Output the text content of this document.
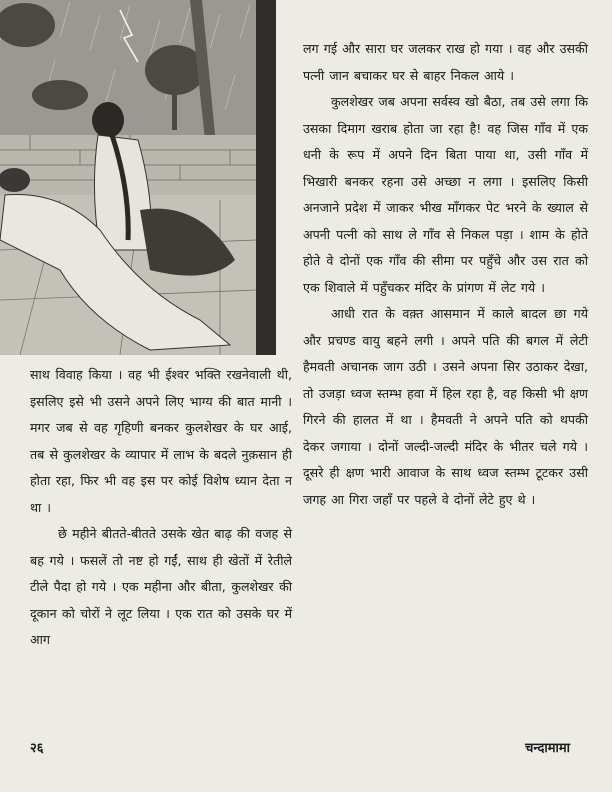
साथ विवाह किया । वह भी ईश्वर भक्ति रखनेवाली थी, इसलिए इसे भी उसने अपने लिए भाग्य की बात मानी । मगर जब से वह गृहिणी बनकर कुलशेखर के घर आई, तब से कुलशेखर के व्यापार में लाभ के बदले नुक़सान ही होता रहा, फिर भी वह इस पर कोई विशेष ध्यान देता न था ।

छे महीने बीतते-बीतते उसके खेत बाढ़ की वजह से बह गये । फसलें तो नष्ट हो गईं, साथ ही खेतों में रेतीले टीले पैदा हो गये । एक महीना और बीता, कुलशेखर की दूकान को चोरों ने लूट लिया । एक रात को उसके घर में आग

लग गई और सारा घर जलकर राख हो गया । वह और उसकी पत्नी जान बचाकर घर से बाहर निकल आये ।

कुलशेखर जब अपना सर्वस्व खो बैठा, तब उसे लगा कि उसका दिमाग खराब होता जा रहा है! वह जिस गाँव में एक धनी के रूप में अपने दिन बिता पाया था, उसी गाँव में भिखारी बनकर रहना उसे अच्छा न लगा । इसलिए किसी अनजाने प्रदेश में जाकर भीख माँगकर पेट भरने के ख्याल से अपनी पत्नी को साथ ले गाँव से निकल पड़ा । शाम के होते होते वे दोनों एक गाँव की सीमा पर पहुँचे और उस रात को एक शिवाले में पहुँचकर मंदिर के प्रांगण में लेट गये ।

आधी रात के वक़्त आसमान में काले बादल छा गये और प्रचण्ड वायु बहने लगी । अपने पति की बगल में लेटी हैमवती अचानक जाग उठी । उसने अपना सिर उठाकर देखा, तो उजड़ा ध्वज स्तम्भ हवा में हिल रहा है, वह किसी भी क्षण गिरने की हालत में था । हैमवती ने अपने पति को थपकी देकर जगाया । दोनों जल्दी-जल्दी मंदिर के भीतर चले गये । दूसरे ही क्षण भारी आवाज के साथ ध्वज स्तम्भ टूटकर उसी जगह आ गिरा जहाँ पर पहले वे दोनों लेटे हुए थे ।

२६	चन्दामामा
